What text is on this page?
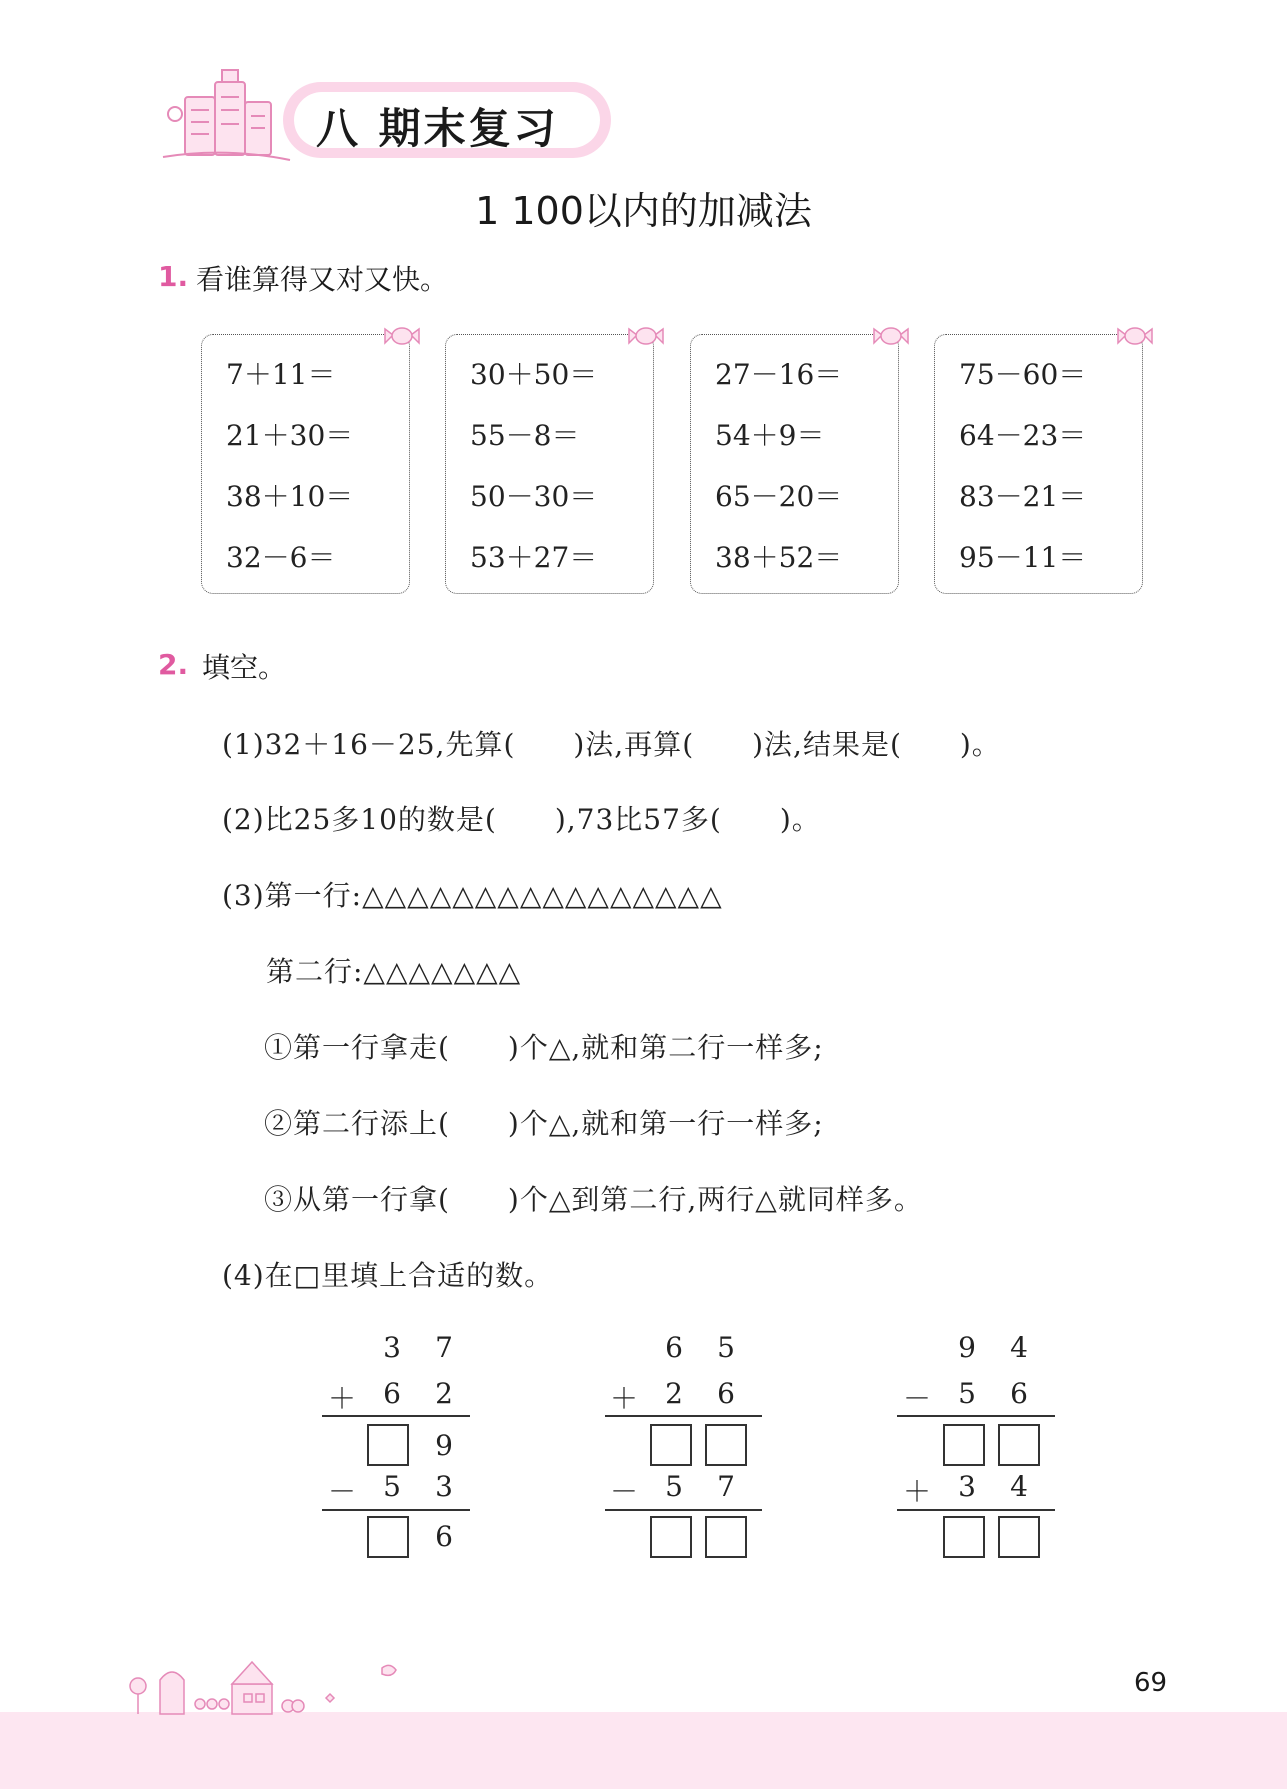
八 期末复习
1 100以内的加减法
1. 看谁算得又对又快。
7＋11＝
21＋30＝
38＋10＝
32－6＝
30＋50＝
55－8＝
50－30＝
53＋27＝
27－16＝
54＋9＝
65－20＝
38＋52＝
75－60＝
64－23＝
83－21＝
95－11＝
2. 填空。
(1)32＋16－25,先算(　　)法,再算(　　)法,结果是(　　)。
(2)比25多10的数是(　　),73比57多(　　)。
(3)第一行:△△△△△△△△△△△△△△△△
第二行:△△△△△△△
①第一行拿走(　　)个△,就和第二行一样多;
②第二行添上(　　)个△,就和第一行一样多;
③从第一行拿(　　)个△到第二行,两行△就同样多。
(4)在□里填上合适的数。
3 7
＋ 6 2
9
－ 5 3
6
6 5
＋ 2 6
－ 5 7
9 4
－ 5 6
＋ 3 4
69
